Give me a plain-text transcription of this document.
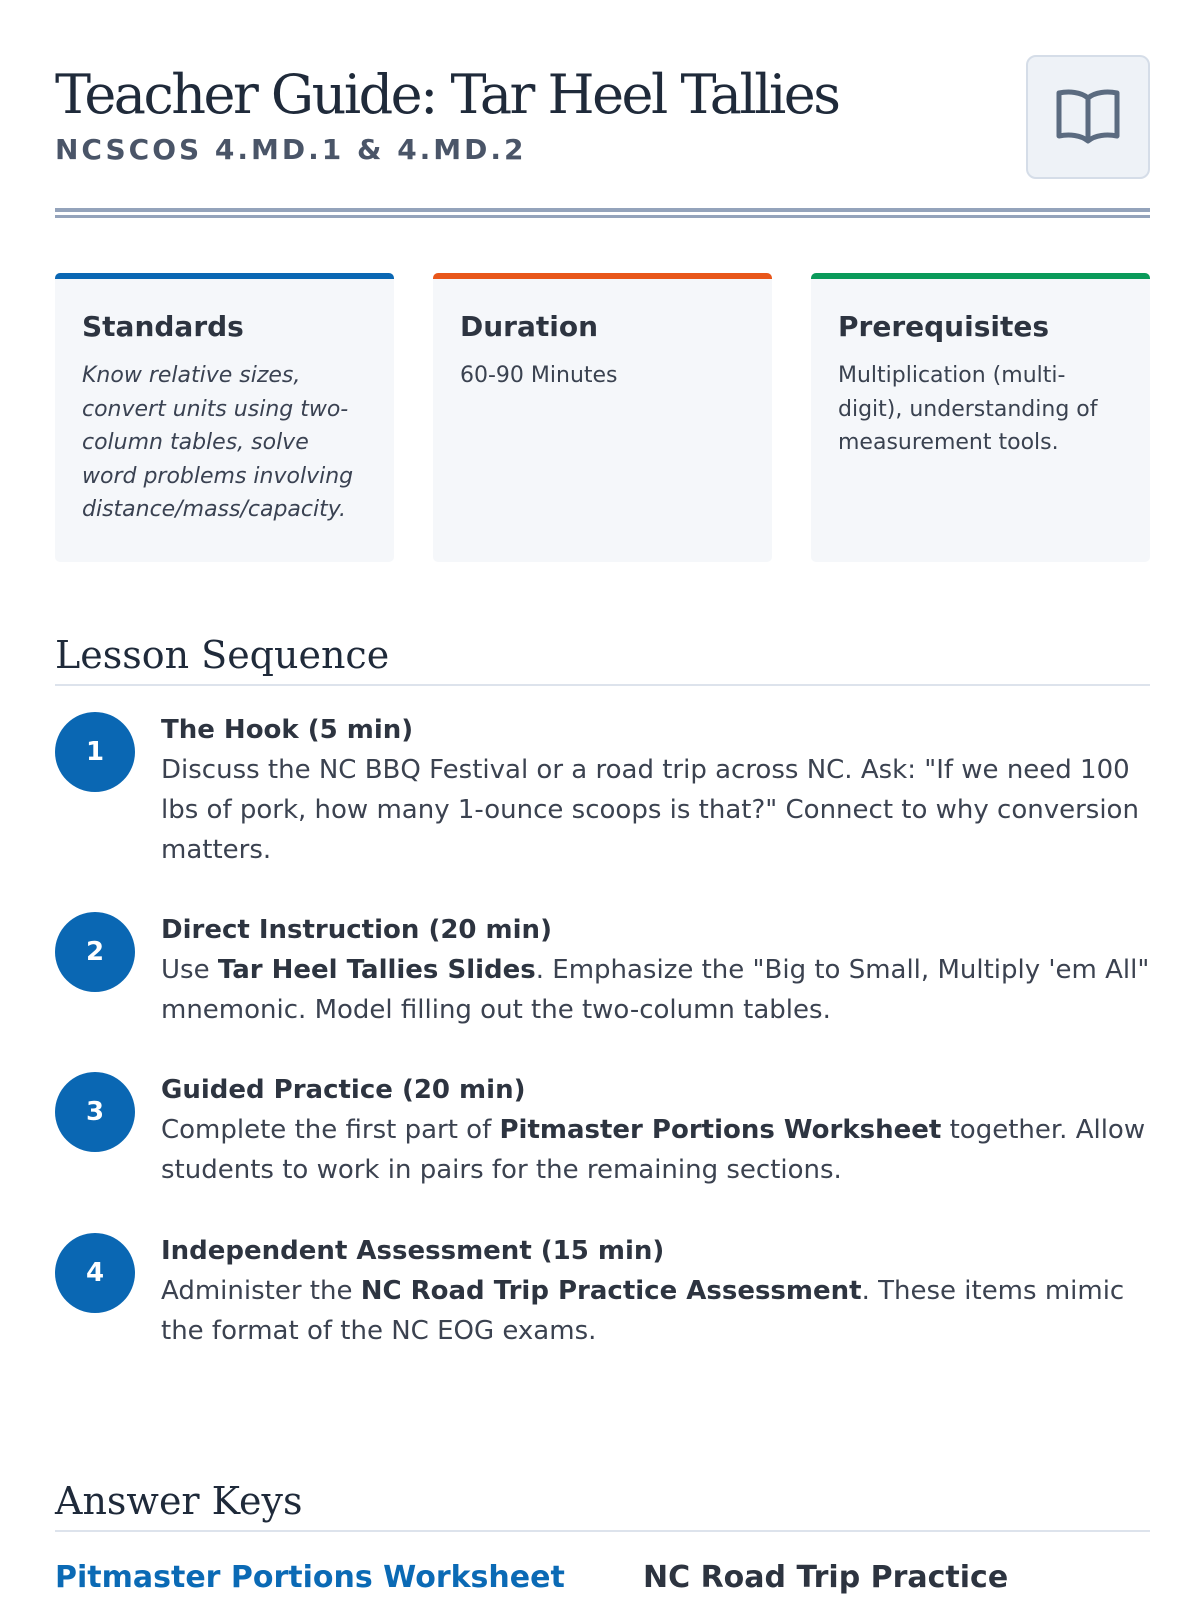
Teacher Guide: Tar Heel Tallies
NCSCOS 4.MD.1 & 4.MD.2
Standards

Know relative sizes, convert units using two-column tables, solve word problems involving distance/mass/capacity.

Duration

60-90 Minutes

Prerequisites

Multiplication (multi-digit), understanding of measurement tools.

Lesson Sequence
1
The Hook (5 min)
Discuss the NC BBQ Festival or a road trip across NC. Ask: "If we need 100 lbs of pork, how many 1-ounce scoops is that?" Connect to why conversion matters.
2
Direct Instruction (20 min)
Use Tar Heel Tallies Slides. Emphasize the "Big to Small, Multiply 'em All" mnemonic. Model filling out the two-column tables.
3
Guided Practice (20 min)
Complete the first part of Pitmaster Portions Worksheet together. Allow students to work in pairs for the remaining sections.
4
Independent Assessment (15 min)
Administer the NC Road Trip Practice Assessment. These items mimic the format of the NC EOG exams.
Answer Keys
Pitmaster Portions Worksheet	NC Road Trip Practice
